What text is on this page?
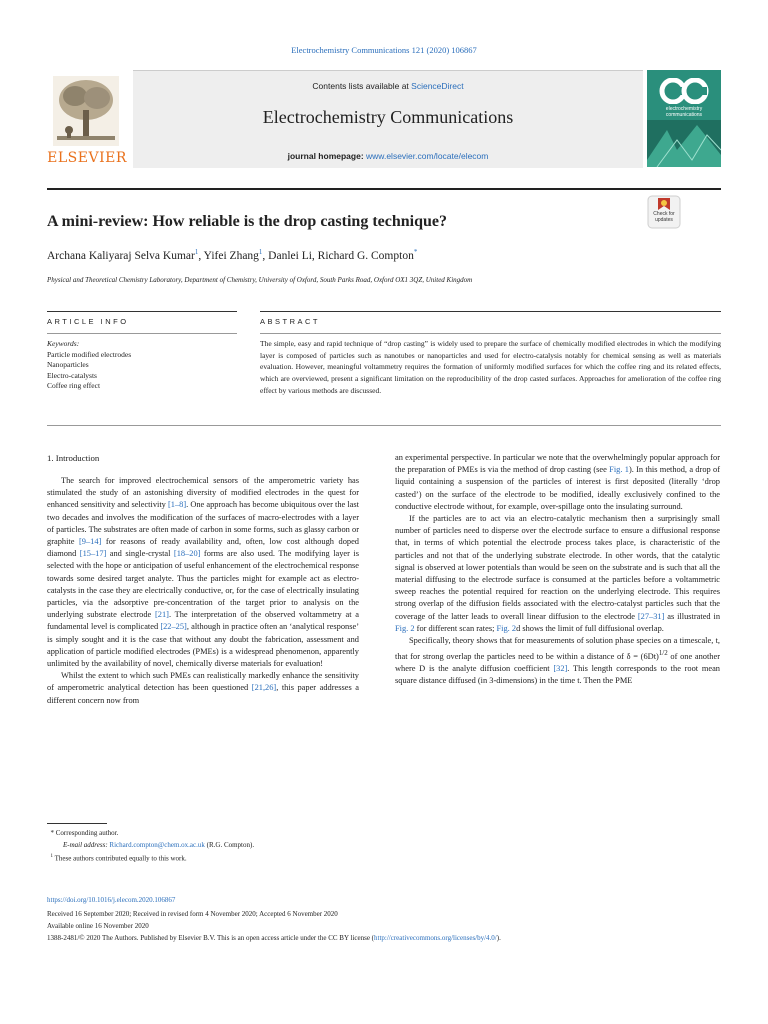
Electrochemistry Communications 121 (2020) 106867
ELSEVIER
Contents lists available at ScienceDirect
Electrochemistry Communications
journal homepage: www.elsevier.com/locate/elecom
electrochemistry communications
A mini-review: How reliable is the drop casting technique?	Check for
updates
Archana Kaliyaraj Selva Kumar$^1$, Yifei Zhang$^1$, Danlei Li, Richard G. Compton*
Physical and Theoretical Chemistry Laboratory, Department of Chemistry, University of Oxford, South Parks Road, Oxford OX1 3QZ, United Kingdom
ARTICLE INFO	ABSTRACT
Keywords:
Particle modified electrodes
Nanoparticles
Electro-catalysts
Coffee ring effect
The simple, easy and rapid technique of “drop casting” is widely used to prepare the surface of chemically modified electrodes in which the modifying layer is composed of particles such as nanotubes or nanoparticles and used for electro-catalysis notably for chemical sensing as well as materials evaluation. However, meaningful voltammetry requires the formation of uniformly modified surfaces for which the coffee ring and its related effects, which are overviewed, present a significant limitation on the reproducibility of the drop casted surfaces. Approaches for amelioration of the coffee ring effect by various methods are discussed.
1. Introduction

The search for improved electrochemical sensors of the amperometric variety has stimulated the study of an astonishing diversity of modified electrodes in the quest for enhanced sensitivity and selectivity [1–8]. One approach has become ubiquitous over the last two decades and involves the modification of the surfaces of macro-electrodes with a layer of particles. The substrates are often made of carbon in some forms, such as glassy carbon or graphite [9–14] for reasons of ready availability and, often, low cost although doped diamond [15–17] and single-crystal [18–20] forms are also used. The modifying layer is selected with the hope or anticipation of useful enhancement of the electrochemical response towards some desired target analyte. Thus the particles might for example act as electro-catalysts in the case they are electrically conductive, or, for the case of electrically insulating particles, via the adsorptive pre-concentration of the target prior to analysis on the underlying substrate electrode [21]. The interpretation of the observed voltammetry at a fundamental level is complicated [22–25], although in practice often an ‘analytical response’ is simply sought and it is the case that without any doubt the fabrication, assessment and application of particle modified electrodes (PMEs) is a widespread phenomenon, apparently unlimited by the availability of novel, chemically diverse materials for evaluation!

Whilst the extent to which such PMEs can realistically markedly enhance the sensitivity of amperometric analytical detection has been questioned [21,26], this paper addresses a different concern now from

an experimental perspective. In particular we note that the overwhelmingly popular approach for the preparation of PMEs is via the method of drop casting (see Fig. 1). In this method, a drop of liquid containing a suspension of the particles of interest is first deposited (literally ‘drop casted’) on the surface of the electrode to be modified, ideally exclusively confined to the conductive electrode without, for example, over-spillage onto the insulating surround.

If the particles are to act via an electro-catalytic mechanism then a surprisingly small number of particles need to disperse over the electrode surface to ensure a diffusional response that, in terms of which potential the electrode process takes place, is characteristic of the particles and not that of the underlying substrate electrode. In other words, that the catalytic signal is observed at lower potentials than would be seen on the substrate and is such that all the material diffusing to the electrode surface is consumed at the particles before a voltammetric sweep reaches the potential required for reaction on the underlying electrode. This requires strong overlap of the diffusion fields associated with the electro-catalyst particles such that the coverage of the latter leads to overall linear diffusion to the electrode [27–31] as illustrated in Fig. 2 for different scan rates; Fig. 2d shows the limit of full diffusional overlap.

Specifically, theory shows that for measurements of solution phase species on a timescale, t, that for strong overlap the particles need to be within a distance of $\delta = (6Dt)^{1/2}$ of one another where D is the analyte diffusion coefficient [32]. This length corresponds to the root mean square distance diffused (in 3-dimensions) in the time t. Then the PME

* Corresponding author.
E-mail address: Richard.compton@chem.ox.ac.uk (R.G. Compton).
$^1$ These authors contributed equally to this work.
https://doi.org/10.1016/j.elecom.2020.106867
Received 16 September 2020; Received in revised form 4 November 2020; Accepted 6 November 2020
Available online 16 November 2020
1388-2481/© 2020 The Authors. Published by Elsevier B.V. This is an open access article under the CC BY license (http://creativecommons.org/licenses/by/4.0/).
